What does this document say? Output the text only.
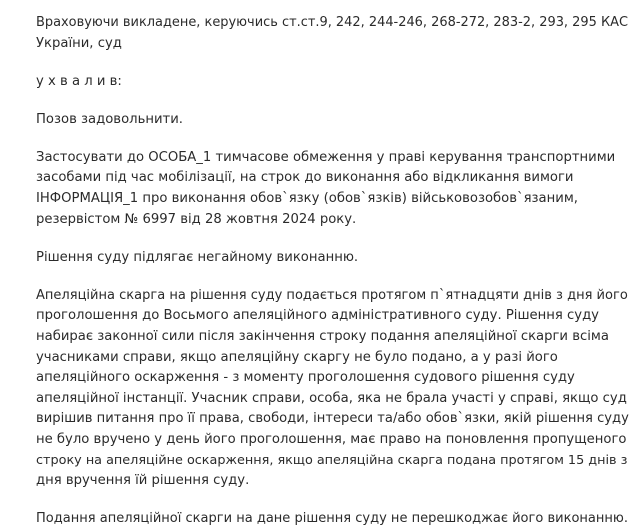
Враховуючи викладене, керуючись ст.ст.9, 242, 244-246, 268-272, 283-2, 293, 295 КАС
України, суд

у х в а л и в:

Позов задовольнити.

Застосувати до ОСОБА_1 тимчасове обмеження у праві керування транспортними
засобами під час мобілізації, на строк до виконання або відкликання вимоги
ІНФОРМАЦІЯ_1 про виконання обов`язку (обов`язків) військовозобов`язаним,
резервістом № 6997 від 28 жовтня 2024 року.

Рішення суду підлягає негайному виконанню.

Апеляційна скарга на рішення суду подається протягом п`ятнадцяти днів з дня його
проголошення до Восьмого апеляційного адміністративного суду. Рішення суду
набирає законної сили після закінчення строку подання апеляційної скарги всіма
учасниками справи, якщо апеляційну скаргу не було подано, а у разі його
апеляційного оскарження - з моменту проголошення судового рішення суду
апеляційної інстанції. Учасник справи, особа, яка не брала участі у справі, якщо суд
вирішив питання про її права, свободи, інтереси та/або обов`язки, якій рішення суду
не було вручено у день його проголошення, має право на поновлення пропущеного
строку на апеляційне оскарження, якщо апеляційна скарга подана протягом 15 днів з
дня вручення їй рішення суду.

Подання апеляційної скарги на дане рішення суду не перешкоджає його виконанню.
